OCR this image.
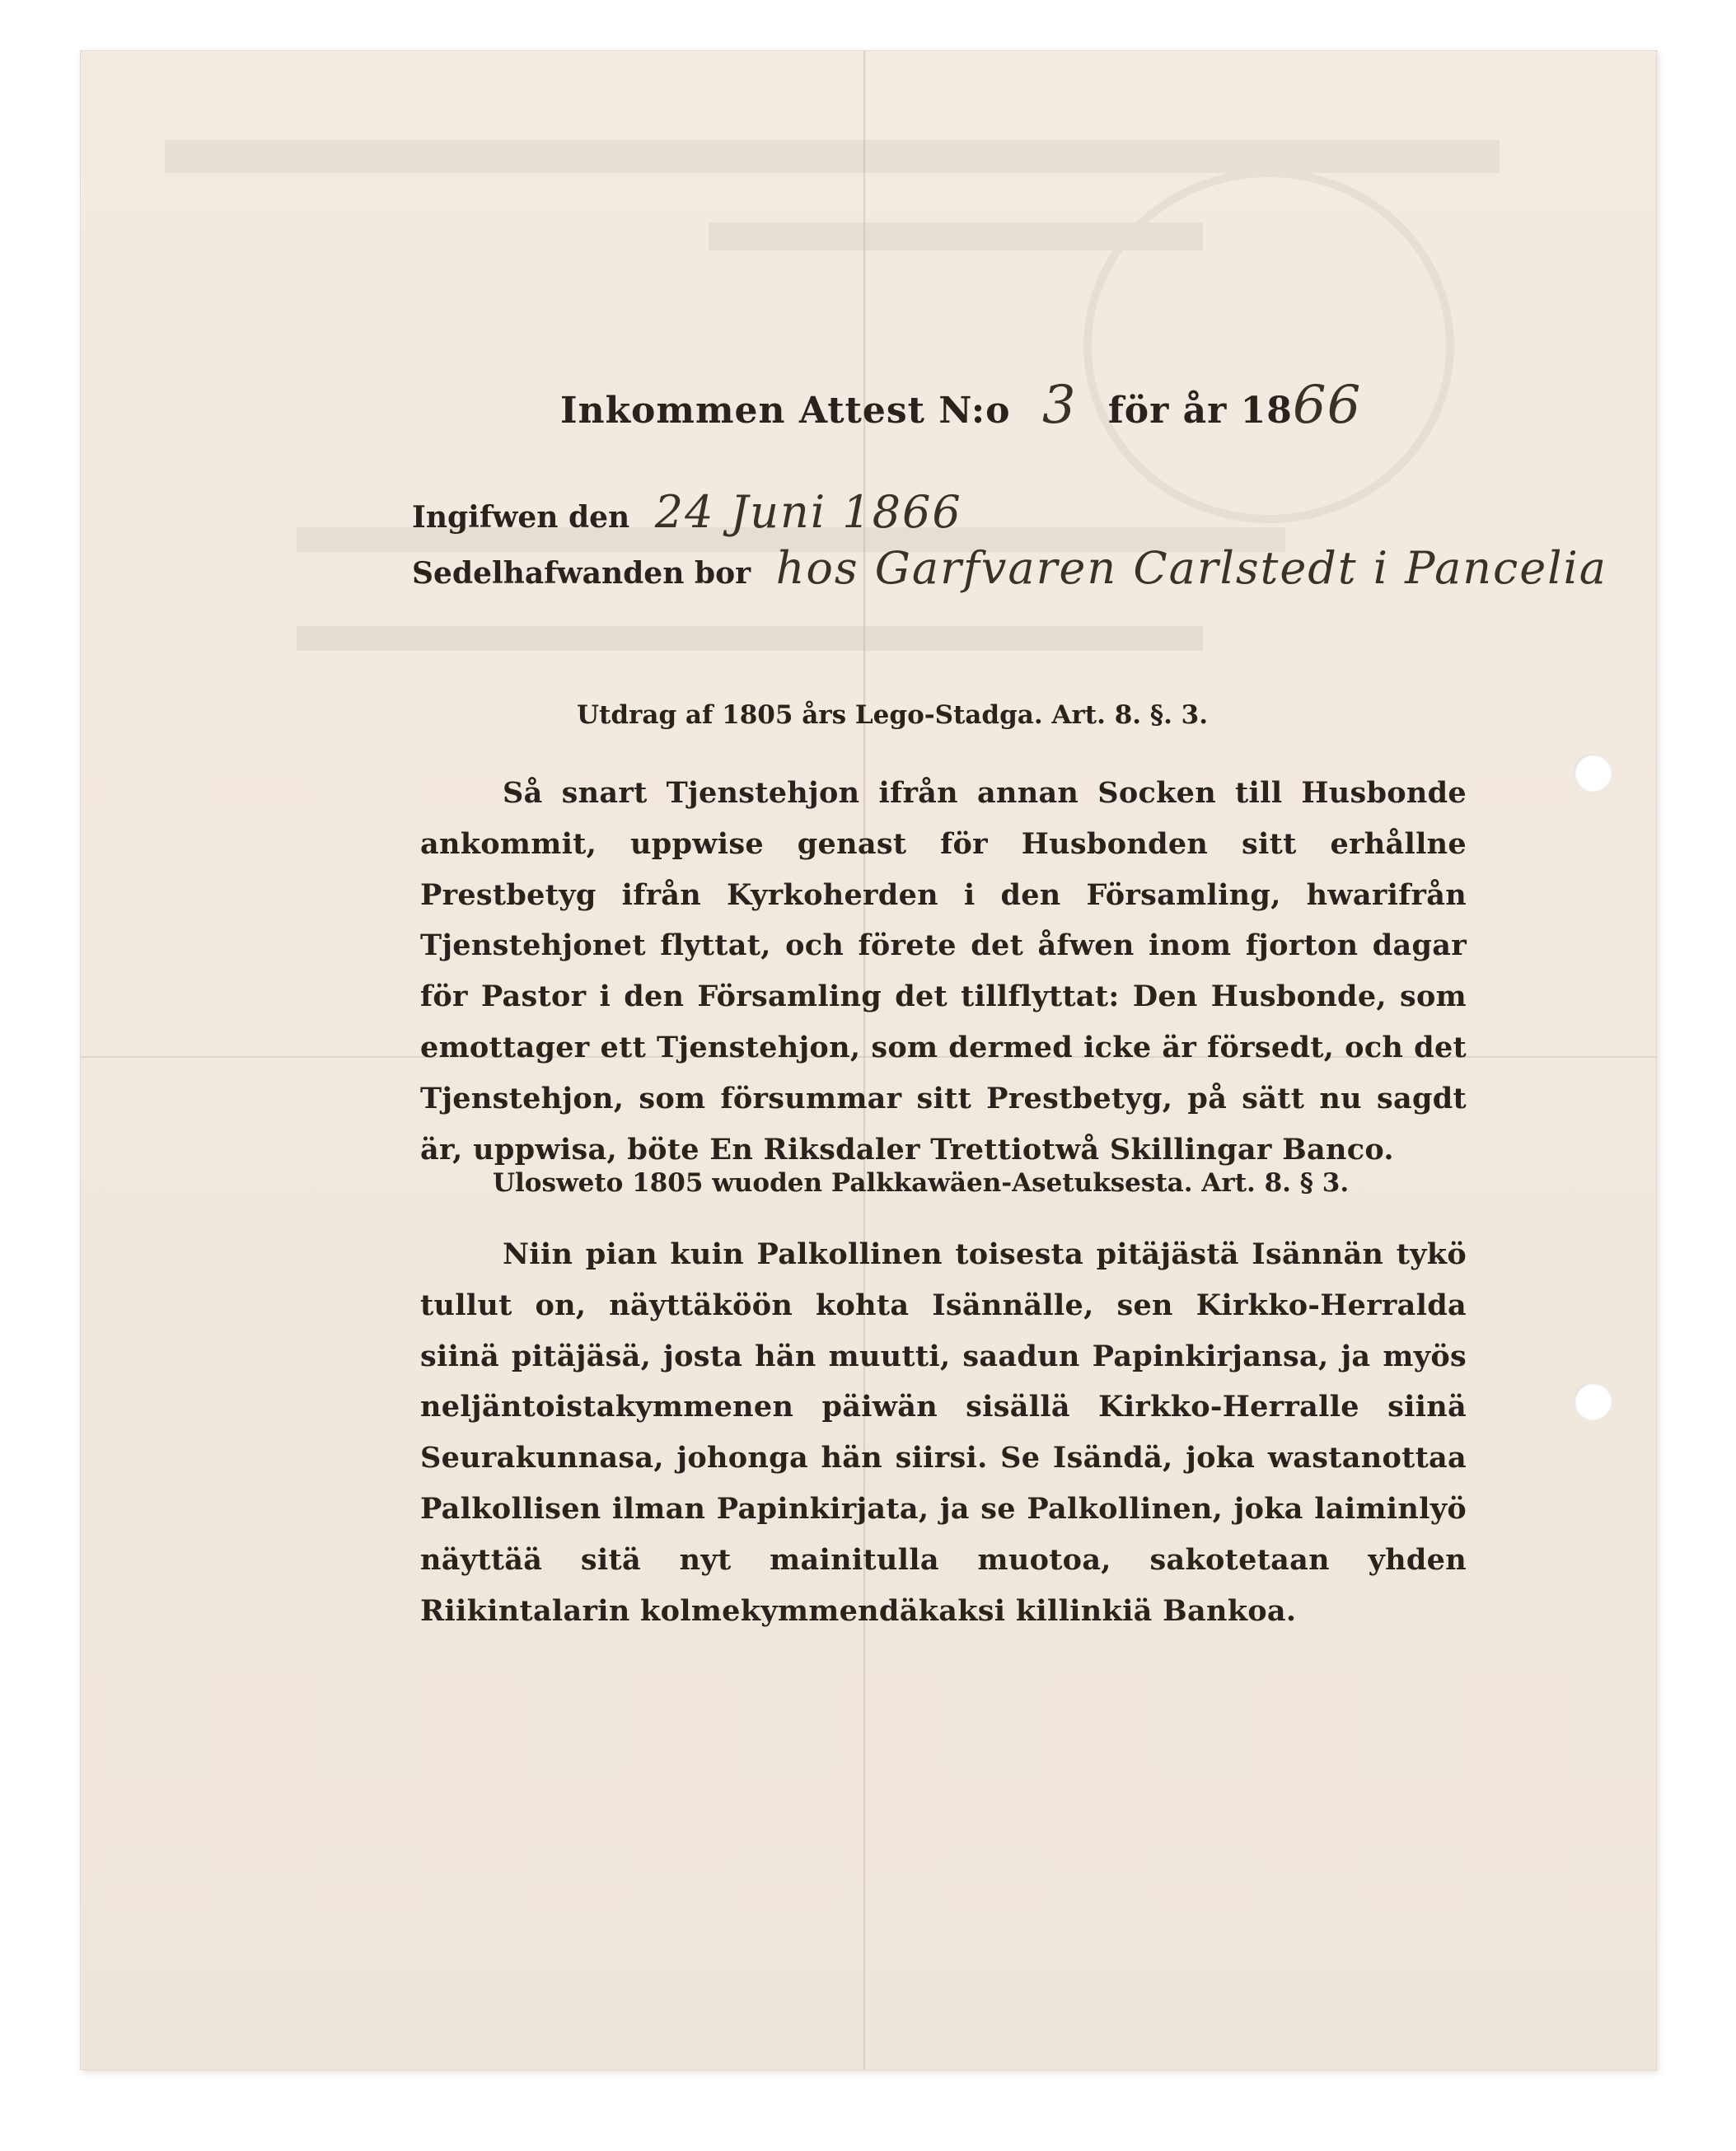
Inkommen Attest N:o 3 för år 1866
Ingifwen den 24 Juni 1866
Sedelhafwanden bor hos Garfvaren Carlstedt i Pancelia
Utdrag af 1805 års Lego-Stadga. Art. 8. §. 3.

Så snart Tjenstehjon ifrån annan Socken till Husbonde ankommit, uppwise genast för Husbonden sitt erhållne Prestbetyg ifrån Kyrkoherden i den Församling, hwarifrån Tjenstehjonet flyttat, och förete det åfwen inom fjorton dagar för Pastor i den Församling det tillflyttat: Den Husbonde, som emottager ett Tjenstehjon, som dermed icke är försedt, och det Tjenstehjon, som försummar sitt Prestbetyg, på sätt nu sagdt är, uppwisa, böte En Riksdaler Trettiotwå Skillingar Banco.

Ulosweto 1805 wuoden Palkkawäen-Asetuksesta. Art. 8. § 3.

Niin pian kuin Palkollinen toisesta pitäjästä Isännän tykö tullut on, näyttäköön kohta Isännälle, sen Kirkko-Herralda siinä pitäjäsä, josta hän muutti, saadun Papinkirjansa, ja myös neljäntoistakymmenen päiwän sisällä Kirkko-Herralle siinä Seurakunnasa, johonga hän siirsi. Se Isändä, joka wastanottaa Palkollisen ilman Papinkirjata, ja se Palkollinen, joka laiminlyö näyttää sitä nyt mainitulla muotoa, sakotetaan yhden Riikintalarin kolmekymmendäkaksi killinkiä Bankoa.
